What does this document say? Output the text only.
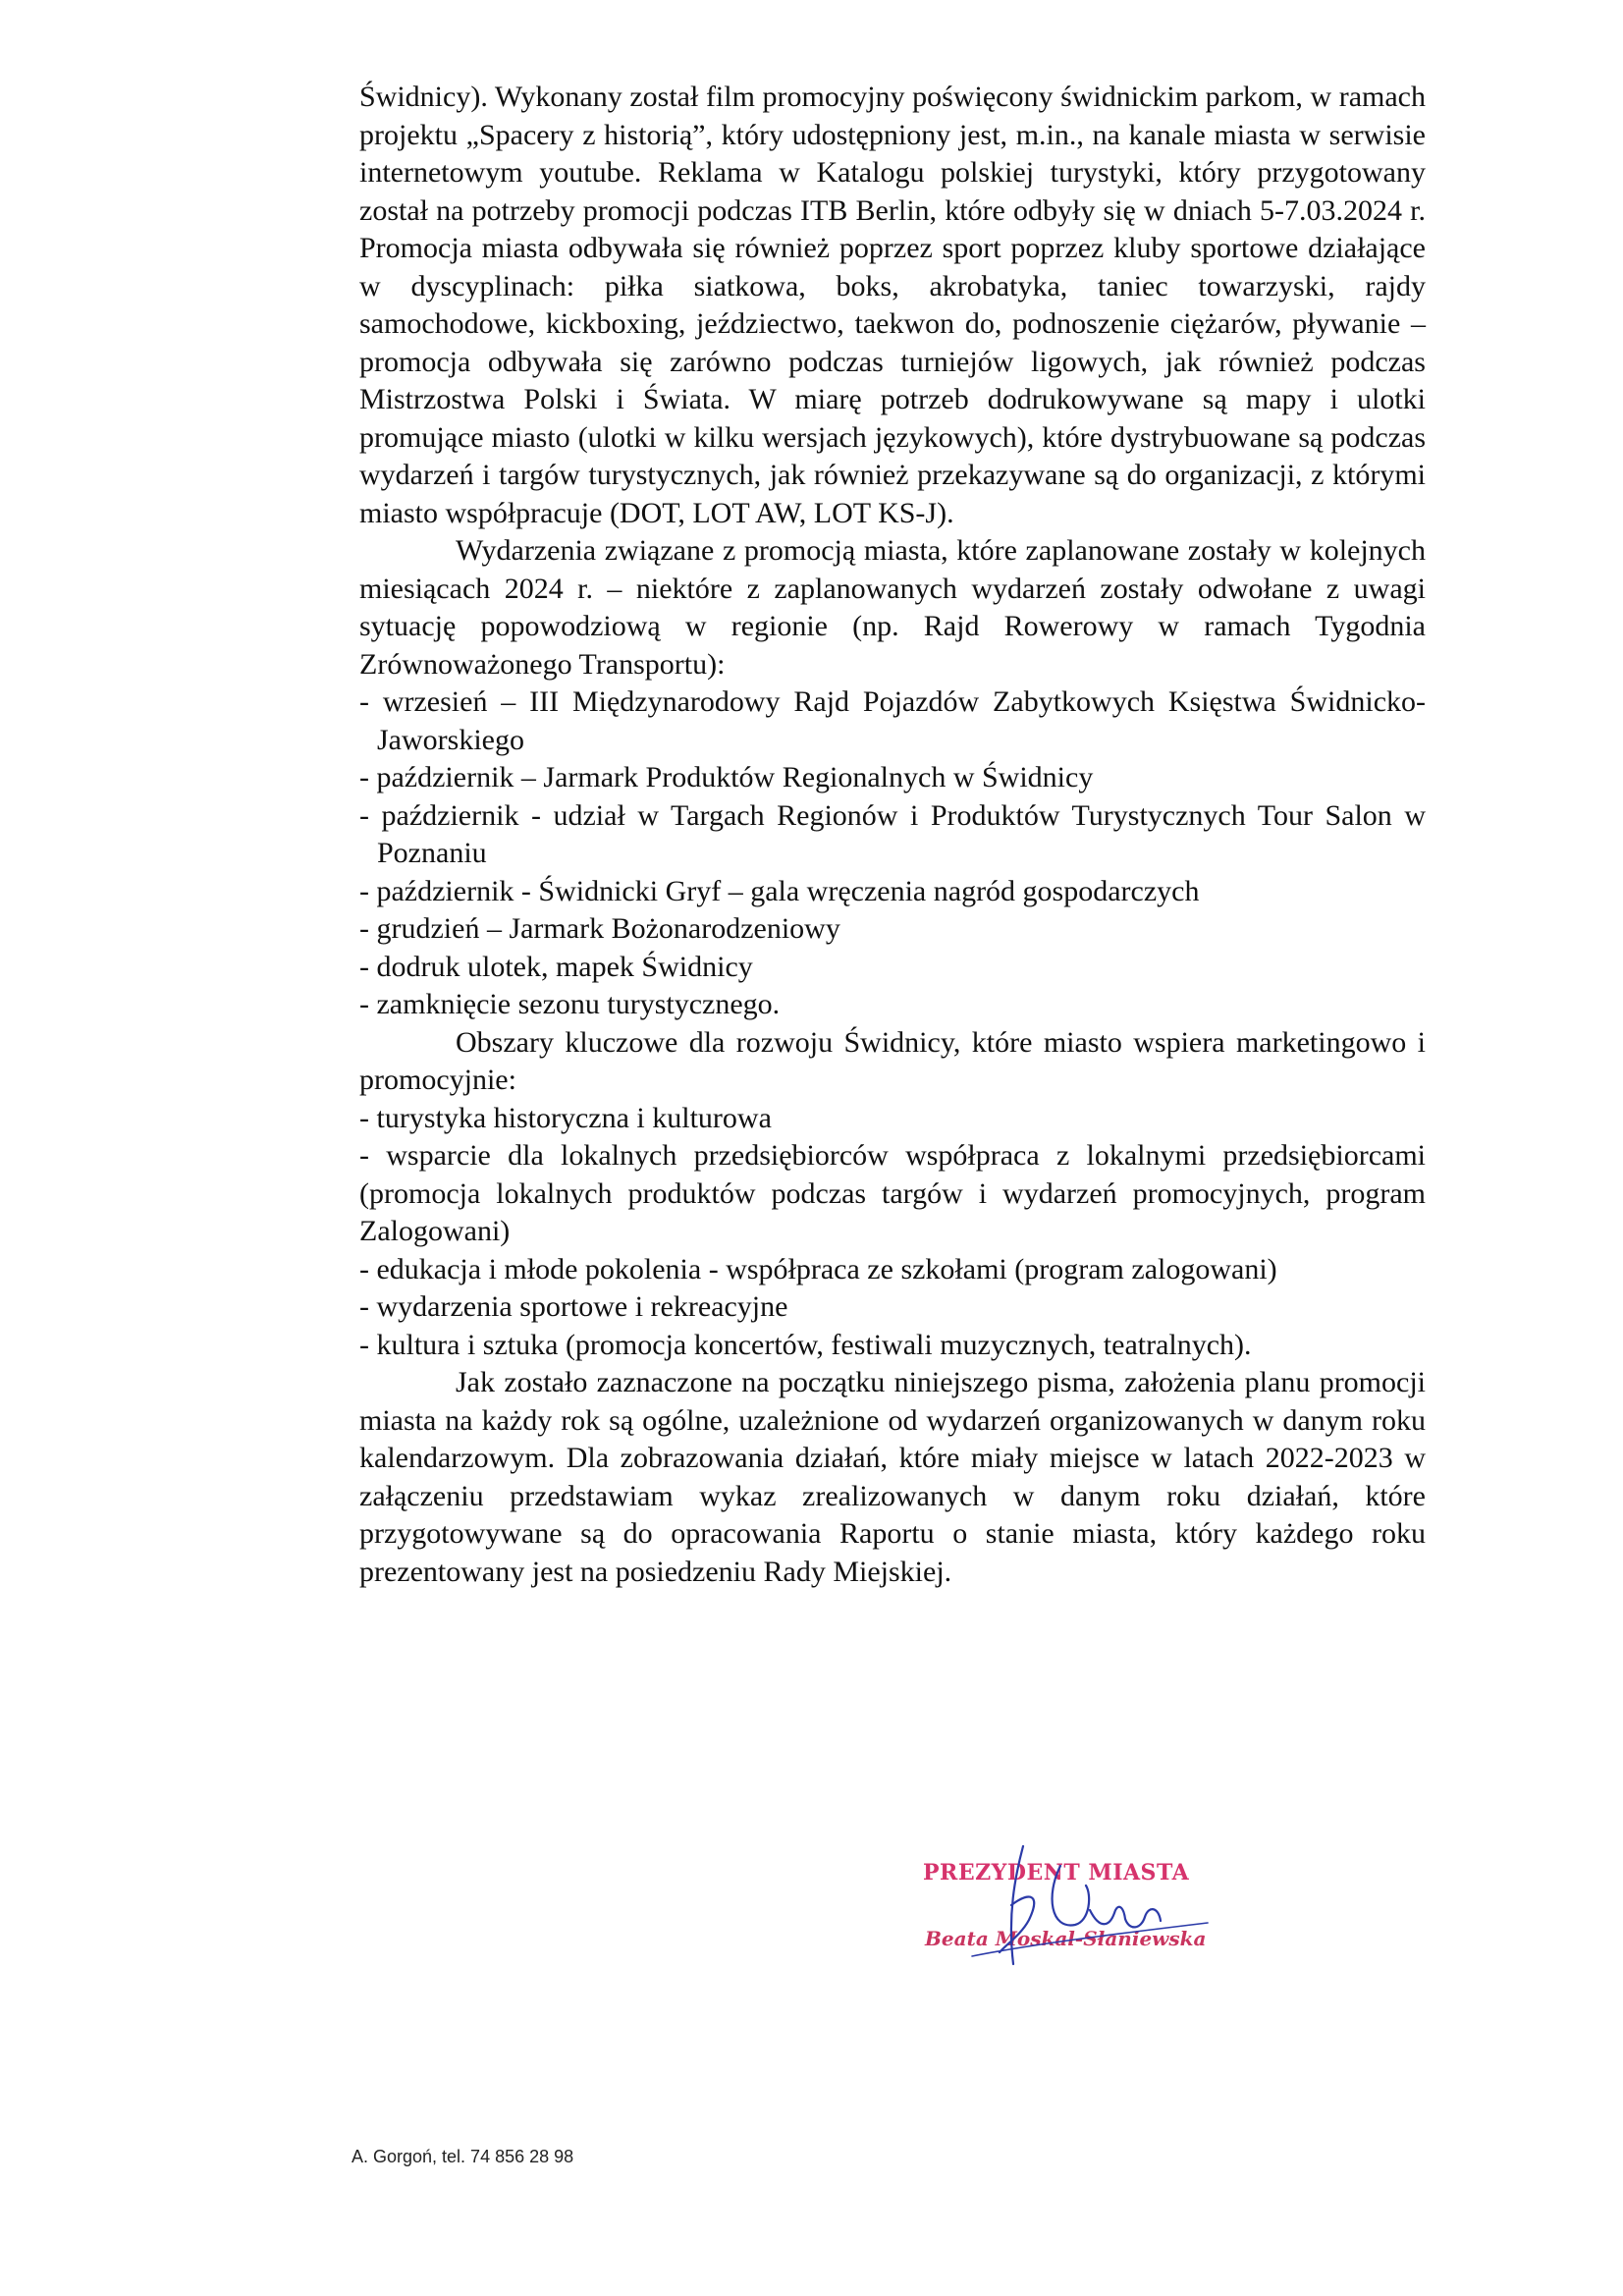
Świdnicy). Wykonany został film promocyjny poświęcony świdnickim parkom, w ramach projektu „Spacery z historią”, który udostępniony jest, m.in., na kanale miasta w serwisie internetowym youtube. Reklama w Katalogu polskiej turystyki, który przygotowany został na potrzeby promocji podczas ITB Berlin, które odbyły się w dniach 5-7.03.2024 r. Promocja miasta odbywała się również poprzez sport poprzez kluby sportowe działające w dyscyplinach: piłka siatkowa, boks, akrobatyka, taniec towarzyski, rajdy samochodowe, kickboxing, jeździectwo, taekwon do, podnoszenie ciężarów, pływanie – promocja odbywała się zarówno podczas turniejów ligowych, jak również podczas Mistrzostwa Polski i Świata. W miarę potrzeb dodrukowywane są mapy i ulotki promujące miasto (ulotki w kilku wersjach językowych), które dystrybuowane są podczas wydarzeń i targów turystycznych, jak również przekazywane są do organizacji, z którymi miasto współpracuje (DOT, LOT AW, LOT KS-J).

Wydarzenia związane z promocją miasta, które zaplanowane zostały w kolejnych miesiącach 2024 r. – niektóre z zaplanowanych wydarzeń zostały odwołane z uwagi sytuację popowodziową w regionie (np. Rajd Rowerowy w ramach Tygodnia Zrównoważonego Transportu):

- wrzesień – III Międzynarodowy Rajd Pojazdów Zabytkowych Księstwa Świdnicko-Jaworskiego
- październik – Jarmark Produktów Regionalnych w Świdnicy
- październik - udział w Targach Regionów i Produktów Turystycznych Tour Salon w Poznaniu
- październik - Świdnicki Gryf – gala wręczenia nagród gospodarczych
- grudzień – Jarmark Bożonarodzeniowy
- dodruk ulotek, mapek Świdnicy
- zamknięcie sezonu turystycznego.

Obszary kluczowe dla rozwoju Świdnicy, które miasto wspiera marketingowo i promocyjnie:

- turystyka historyczna i kulturowa
- wsparcie dla lokalnych przedsiębiorców współpraca z lokalnymi przedsiębiorcami (promocja lokalnych produktów podczas targów i wydarzeń promocyjnych, program Zalogowani)
- edukacja i młode pokolenia - współpraca ze szkołami (program zalogowani)
- wydarzenia sportowe i rekreacyjne
- kultura i sztuka (promocja koncertów, festiwali muzycznych, teatralnych).

Jak zostało zaznaczone na początku niniejszego pisma, założenia planu promocji miasta na każdy rok są ogólne, uzależnione od wydarzeń organizowanych w danym roku kalendarzowym. Dla zobrazowania działań, które miały miejsce w latach 2022-2023 w załączeniu przedstawiam wykaz zrealizowanych w danym roku działań, które przygotowywane są do opracowania Raportu o stanie miasta, który każdego roku prezentowany jest na posiedzeniu Rady Miejskiej.

PREZYDENT MIASTA
Beata Moskal-Słaniewska
A. Gorgoń, tel. 74 856 28 98
